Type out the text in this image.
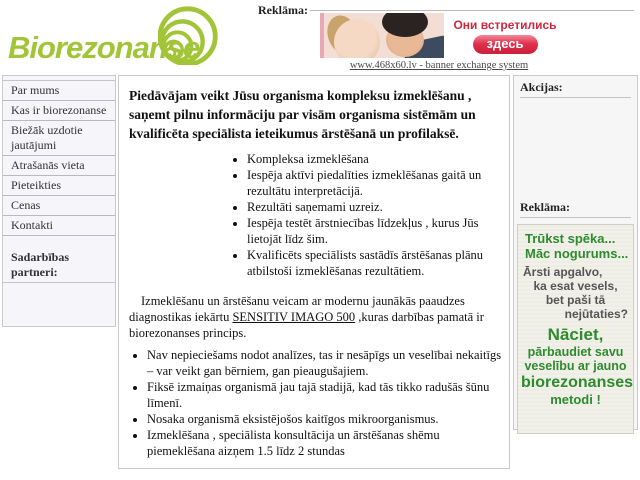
Biorezonanse
Reklāma:
Они встретились
здесь
www.468x60.lv - banner exchange system
Par mums
Kas ir biorezonanse
Biežāk uzdotie jautājumi
Atrašanās vieta
Pieteikties
Cenas
Kontakti
Sadarbības partneri:

Piedāvājam veikt Jūsu organisma kompleksu izmeklēšanu , saņemt pilnu informāciju par visām organisma sistēmām un kvalificēta speciālista ieteikumus ārstēšanā un profilaksē.

• Kompleksa izmeklēšana
• Iespēja aktīvi piedalīties izmeklēšanas gaitā un rezultātu interpretācijā.
• Rezultāti saņemami uzreiz.
• Iespēja testēt ārstniecības līdzekļus , kurus Jūs lietojāt līdz šim.
• Kvalificēts speciālists sastādīs ārstēšanas plānu atbilstoši izmeklēšanas rezultātiem.

Izmeklēšanu un ārstēšanu veicam ar modernu jaunākās paaudzes diagnostikas iekārtu SENSITIV IMAGO 500 ,kuras darbības pamatā ir biorezonanses princips.

• Nav nepieciešams nodot analīzes, tas ir nesāpīgs un veselībai nekaitīgs – var veikt gan bērniem, gan pieaugušajiem.
• Fiksē izmaiņas organismā jau tajā stadijā, kad tās tikko radušās šūnu līmenī.
• Nosaka organismā eksistējošos kaitīgos mikroorganismus.
• Izmeklēšana , speciālista konsultācija un ārstēšanas shēmu piemeklēšana aizņem 1.5 līdz 2 stundas
Akcijas:
Reklāma:
Trūkst spēka...
Māc nogurums...
Ārsti apgalvo,
ka esat vesels,
bet paši tā
nejūtaties?
Nāciet,
pārbaudiet savu
veselību ar jauno
biorezonanses
metodi !
